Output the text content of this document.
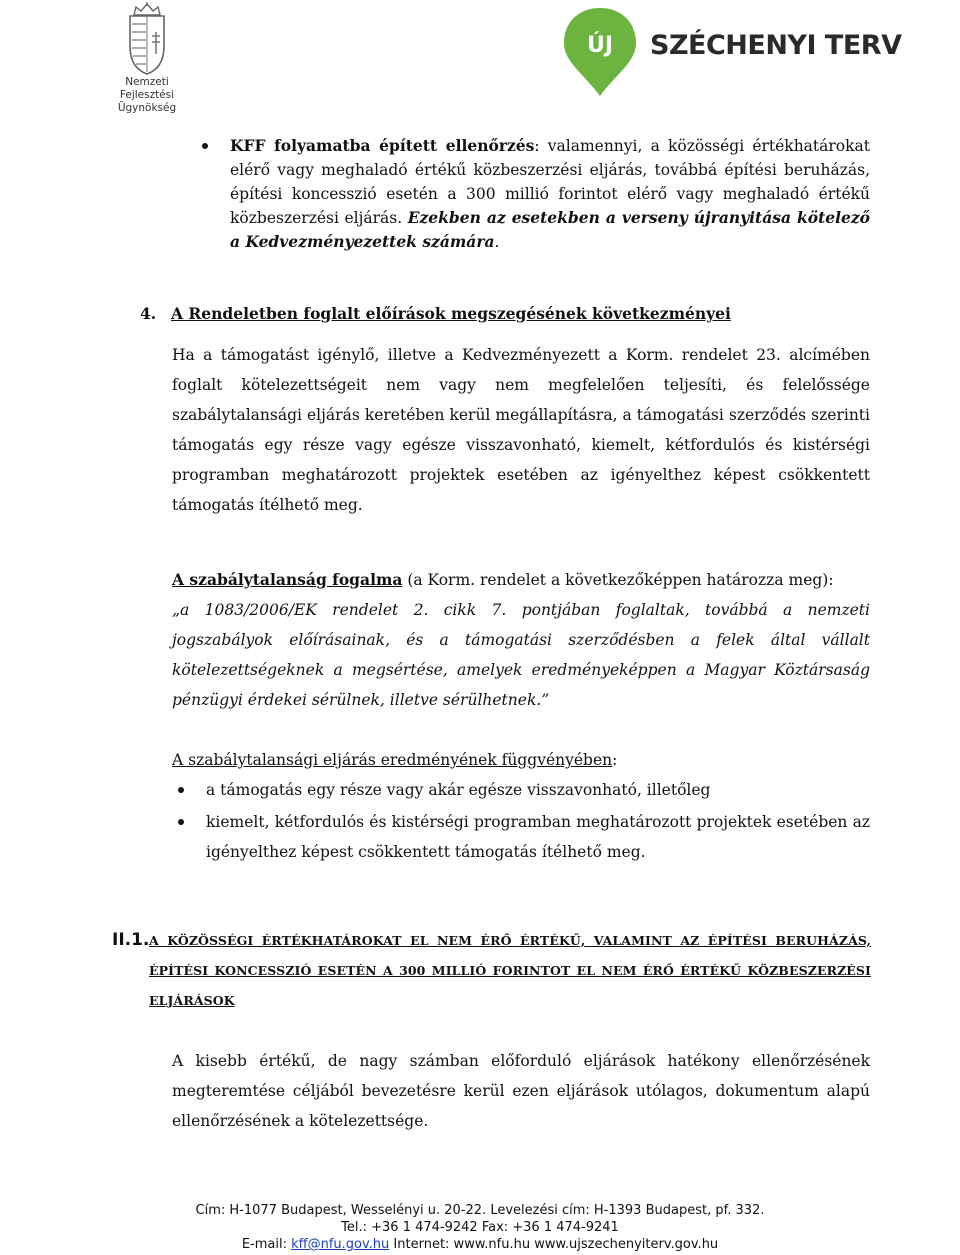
Nemzeti
Fejlesztési Ügynökség
ÚJ SZÉCHENYI TERV
KFF folyamatba épített ellenőrzés: valamennyi, a közösségi értékhatárokat elérő vagy meghaladó értékű közbeszerzési eljárás, továbbá építési beruházás, építési koncesszió esetén a 300 millió forintot elérő vagy meghaladó értékű közbeszerzési eljárás. Ezekben az esetekben a verseny újranyitása kötelező a Kedvezményezettek számára.
4. A Rendeletben foglalt előírások megszegésének következményei
Ha a támogatást igénylő, illetve a Kedvezményezett a Korm. rendelet 23. alcímében foglalt kötelezettségeit nem vagy nem megfelelően teljesíti, és felelőssége szabálytalansági eljárás keretében kerül megállapításra, a támogatási szerződés szerinti támogatás egy része vagy egésze visszavonható, kiemelt, kétfordulós és kistérségi programban meghatározott projektek esetében az igényelthez képest csökkentett támogatás ítélhető meg.
A szabálytalanság fogalma (a Korm. rendelet a következőképpen határozza meg):
„a 1083/2006/EK rendelet 2. cikk 7. pontjában foglaltak, továbbá a nemzeti jogszabályok előírásainak, és a támogatási szerződésben a felek által vállalt kötelezettségeknek a megsértése, amelyek eredményeképpen a Magyar Köztársaság pénzügyi érdekei sérülnek, illetve sérülhetnek.”
A szabálytalansági eljárás eredményének függvényében:
a támogatás egy része vagy akár egésze visszavonható, illetőleg
kiemelt, kétfordulós és kistérségi programban meghatározott projektek esetében az igényelthez képest csökkentett támogatás ítélhető meg.
II.1. A KÖZÖSSÉGI ÉRTÉKHATÁROKAT EL NEM ÉRŐ ÉRTÉKŰ, VALAMINT AZ ÉPÍTÉSI BERUHÁZÁS, ÉPÍTÉSI KONCESSZIÓ ESETÉN A 300 MILLIÓ FORINTOT EL NEM ÉRŐ ÉRTÉKŰ KÖZBESZERZÉSI ELJÁRÁSOK
A kisebb értékű, de nagy számban előforduló eljárások hatékony ellenőrzésének megteremtése céljából bevezetésre kerül ezen eljárások utólagos, dokumentum alapú ellenőrzésének a kötelezettsége.
Cím: H-1077 Budapest, Wesselényi u. 20-22. Levelezési cím: H-1393 Budapest, pf. 332.
Tel.: +36 1 474-9242 Fax: +36 1 474-9241
E-mail: kff@nfu.gov.hu Internet: www.nfu.hu www.ujszechenyiterv.gov.hu
